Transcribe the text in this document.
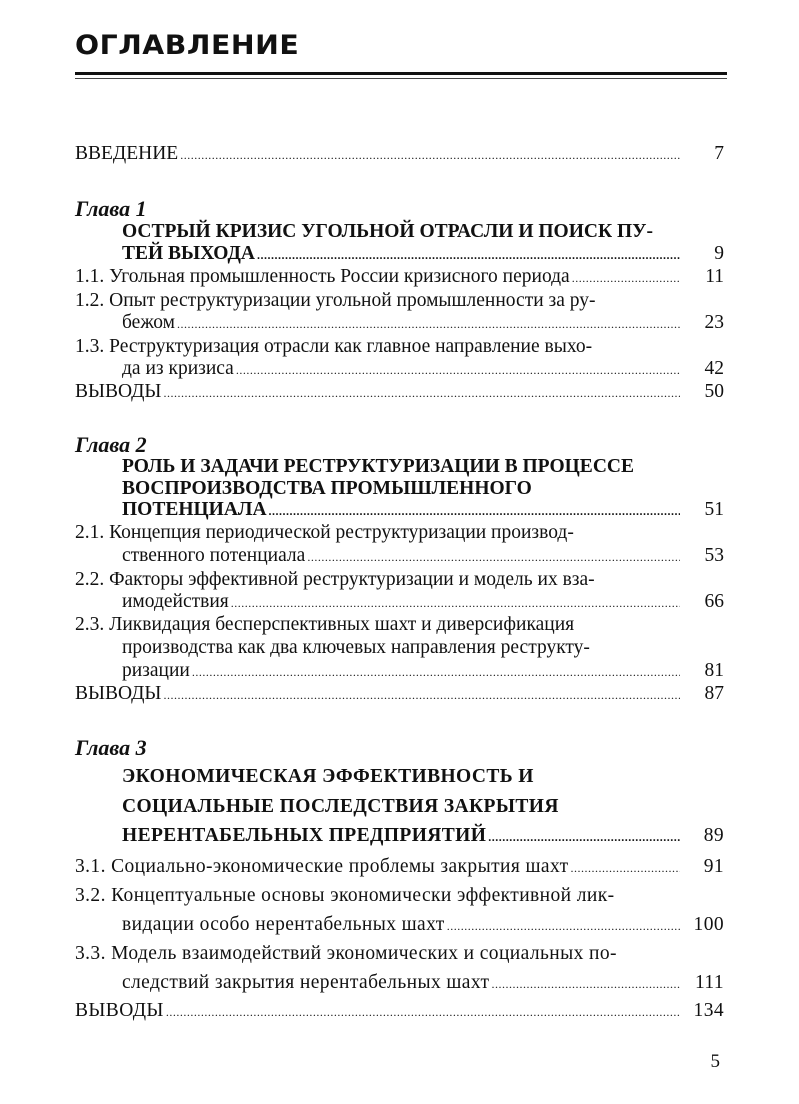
ОГЛАВЛЕНИЕ
ВВЕДЕНИЕ .....	7
Глава 1
ОСТРЫЙ КРИЗИС УГОЛЬНОЙ ОТРАСЛИ И ПОИСК ПУ-
ТЕЙ ВЫХОДА .....	9
1.1. Угольная промышленность России кризисного периода .....	11
1.2. Опыт реструктуризации угольной промышленности за ру-
бежом .....	23
1.3. Реструктуризация отрасли как главное направление выхо-
да из кризиса .....	42
ВЫВОДЫ .....	50
Глава 2
РОЛЬ И ЗАДАЧИ РЕСТРУКТУРИЗАЦИИ В ПРОЦЕССЕ
ВОСПРОИЗВОДСТВА ПРОМЫШЛЕННОГО
ПОТЕНЦИАЛА .....	51
2.1. Концепция периодической реструктуризации производ-
ственного потенциала .....	53
2.2. Факторы эффективной реструктуризации и модель их вза-
имодействия .....	66
2.3. Ликвидация бесперспективных шахт и диверсификация
производства как два ключевых направления реструкту-
ризации .....	81
ВЫВОДЫ .....	87
Глава 3
ЭКОНОМИЧЕСКАЯ ЭФФЕКТИВНОСТЬ И
СОЦИАЛЬНЫЕ ПОСЛЕДСТВИЯ ЗАКРЫТИЯ
НЕРЕНТАБЕЛЬНЫХ ПРЕДПРИЯТИЙ .....	89
3.1. Социально-экономические проблемы закрытия шахт .....	91
3.2. Концептуальные основы экономически эффективной лик-
видации особо нерентабельных шахт .....	100
3.3. Модель взаимодействий экономических и социальных по-
следствий закрытия нерентабельных шахт .....	111
ВЫВОДЫ .....	134
5
